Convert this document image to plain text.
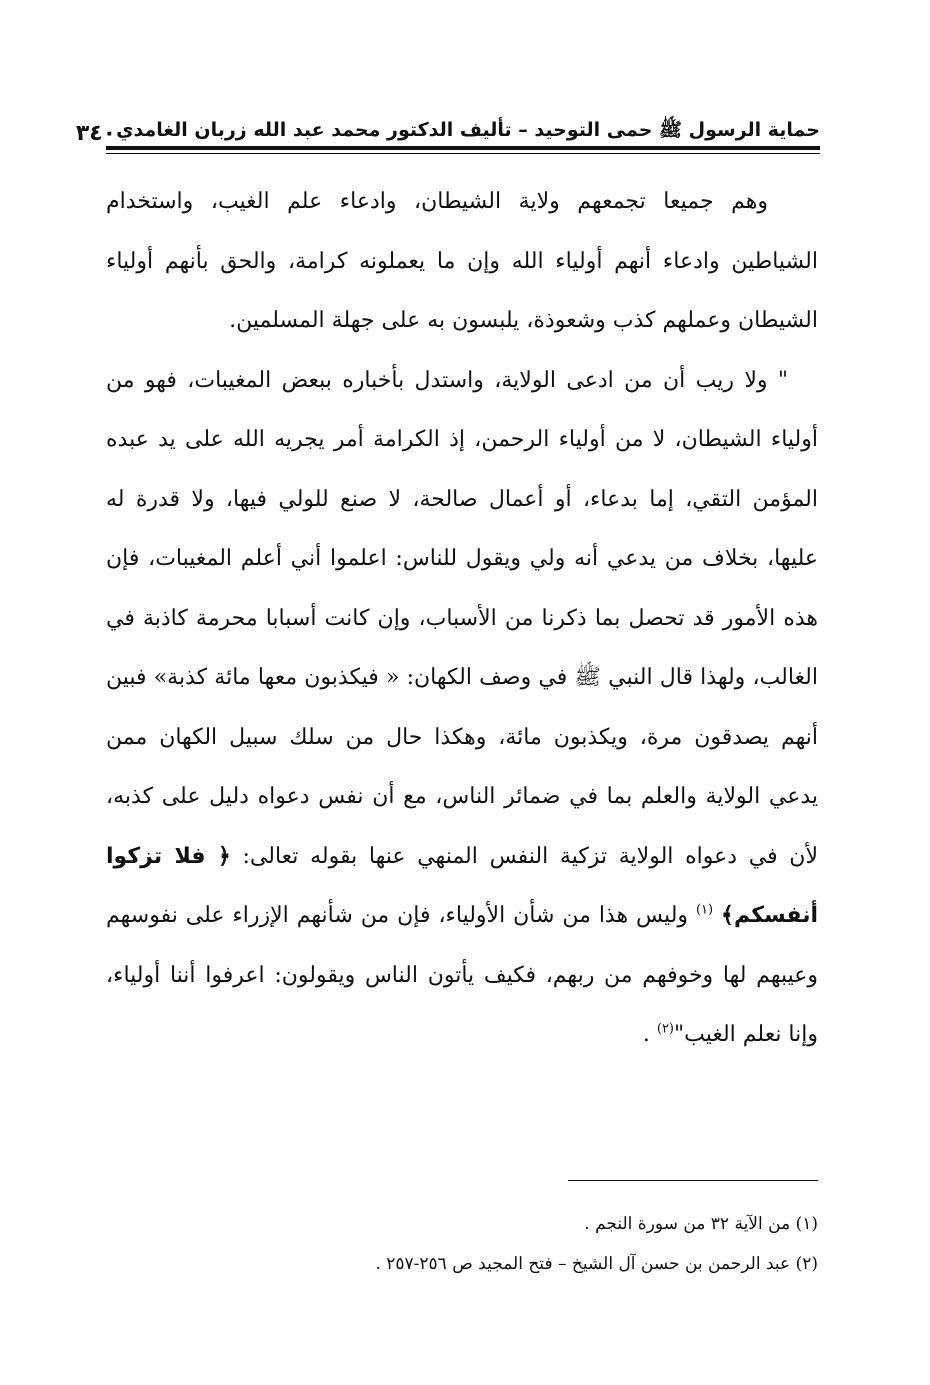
حماية الرسول ﷺ حمى التوحيد – تأليف الدكتور محمد عبد الله زربان الغامدي
٣٤٠

وهم جميعا تجمعهم ولاية الشيطان، وادعاء علم الغيب، واستخدام الشياطين وادعاء أنهم أولياء الله وإن ما يعملونه كرامة، والحق بأنهم أولياء الشيطان وعملهم كذب وشعوذة، يلبسون به على جهلة المسلمين.

" ولا ريب أن من ادعى الولاية، واستدل بأخباره ببعض المغيبات، فهو من أولياء الشيطان، لا من أولياء الرحمن، إذ الكرامة أمر يجريه الله على يد عبده المؤمن التقي، إما بدعاء، أو أعمال صالحة، لا صنع للولي فيها، ولا قدرة له عليها، بخلاف من يدعي أنه ولي ويقول للناس: اعلموا أني أعلم المغيبات، فإن هذه الأمور قد تحصل بما ذكرنا من الأسباب، وإن كانت أسبابا محرمة كاذبة في الغالب، ولهذا قال النبي ﷺ في وصف الكهان: « فيكذبون معها مائة كذبة» فبين أنهم يصدقون مرة، ويكذبون مائة، وهكذا حال من سلك سبيل الكهان ممن يدعي الولاية والعلم بما في ضمائر الناس، مع أن نفس دعواه دليل على كذبه، لأن في دعواه الولاية تزكية النفس المنهي عنها بقوله تعالى: ﴿ فلا تزكوا أنفسكم﴾ $^{(١)}$ وليس هذا من شأن الأولياء، فإن من شأنهم الإزراء على نفوسهم وعيبهم لها وخوفهم من ربهم، فكيف يأتون الناس ويقولون: اعرفوا أننا أولياء، وإنا نعلم الغيب"$^{(٢)}$ .

(١) من الآية ٣٢ من سورة النجم .
(٢) عبد الرحمن بن حسن آل الشيخ – فتح المجيد ص ٢٥٦-٢٥٧ .
